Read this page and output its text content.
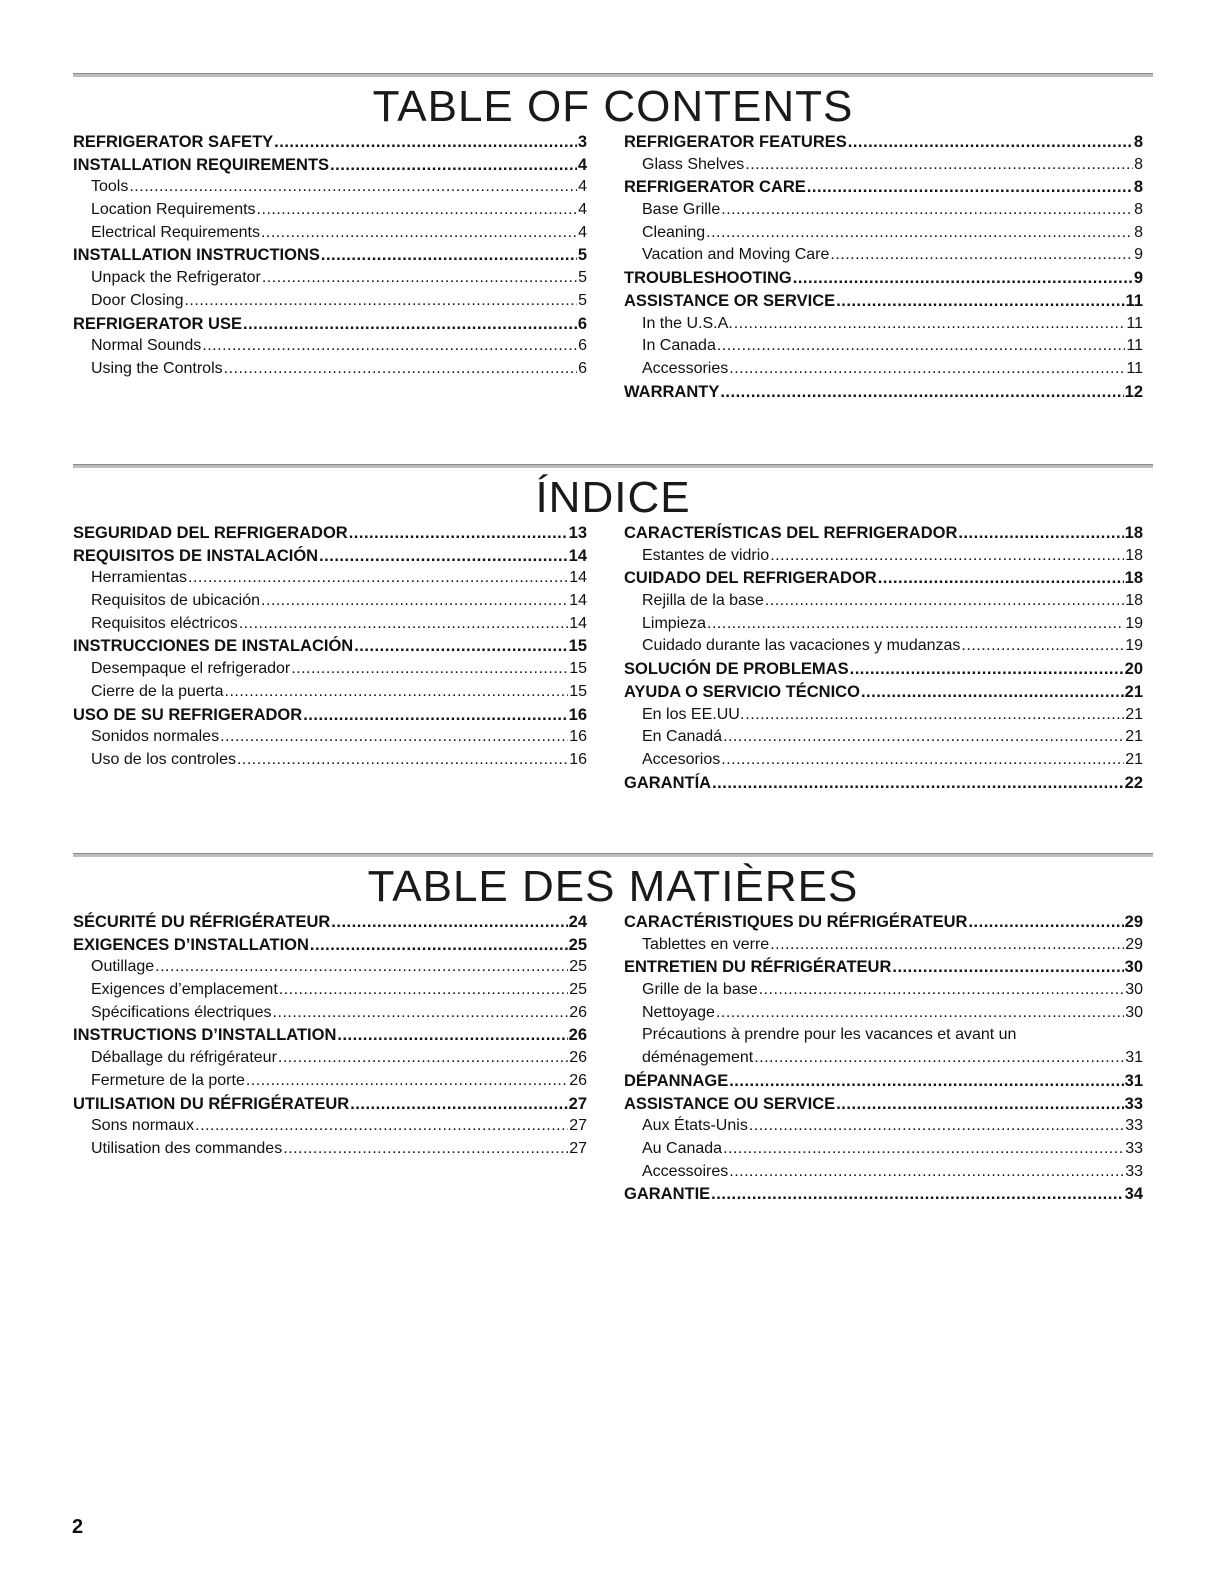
TABLE OF CONTENTS
REFRIGERATOR SAFETY .....	3
INSTALLATION REQUIREMENTS .....	4
Tools .....	4
Location Requirements .....	4
Electrical Requirements .....	4
INSTALLATION INSTRUCTIONS .....	5
Unpack the Refrigerator .....	5
Door Closing .....	5
REFRIGERATOR USE .....	6
Normal Sounds .....	6
Using the Controls .....	6
REFRIGERATOR FEATURES .....	8
Glass Shelves .....	8
REFRIGERATOR CARE .....	8
Base Grille .....	8
Cleaning .....	8
Vacation and Moving Care .....	9
TROUBLESHOOTING .....	9
ASSISTANCE OR SERVICE .....	11
In the U.S.A. .....	11
In Canada .....	11
Accessories .....	11
WARRANTY .....	12
ÍNDICE
SEGURIDAD DEL REFRIGERADOR .....	13
REQUISITOS DE INSTALACIÓN .....	14
Herramientas .....	14
Requisitos de ubicación .....	14
Requisitos eléctricos .....	14
INSTRUCCIONES DE INSTALACIÓN .....	15
Desempaque el refrigerador .....	15
Cierre de la puerta .....	15
USO DE SU REFRIGERADOR .....	16
Sonidos normales .....	16
Uso de los controles .....	16
CARACTERÍSTICAS DEL REFRIGERADOR .....	18
Estantes de vidrio .....	18
CUIDADO DEL REFRIGERADOR .....	18
Rejilla de la base .....	18
Limpieza .....	19
Cuidado durante las vacaciones y mudanzas .....	19
SOLUCIÓN DE PROBLEMAS .....	20
AYUDA O SERVICIO TÉCNICO .....	21
En los EE.UU. .....	21
En Canadá .....	21
Accesorios .....	21
GARANTÍA .....	22
TABLE DES MATIÈRES
SÉCURITÉ DU RÉFRIGÉRATEUR .....	24
EXIGENCES D’INSTALLATION .....	25
Outillage .....	25
Exigences d’emplacement .....	25
Spécifications électriques .....	26
INSTRUCTIONS D’INSTALLATION .....	26
Déballage du réfrigérateur .....	26
Fermeture de la porte .....	26
UTILISATION DU RÉFRIGÉRATEUR .....	27
Sons normaux .....	27
Utilisation des commandes .....	27
CARACTÉRISTIQUES DU RÉFRIGÉRATEUR .....	29
Tablettes en verre .....	29
ENTRETIEN DU RÉFRIGÉRATEUR .....	30
Grille de la base .....	30
Nettoyage .....	30
Précautions à prendre pour les vacances et avant un
déménagement .....	31
DÉPANNAGE .....	31
ASSISTANCE OU SERVICE .....	33
Aux États-Unis .....	33
Au Canada .....	33
Accessoires .....	33
GARANTIE .....	34
2
